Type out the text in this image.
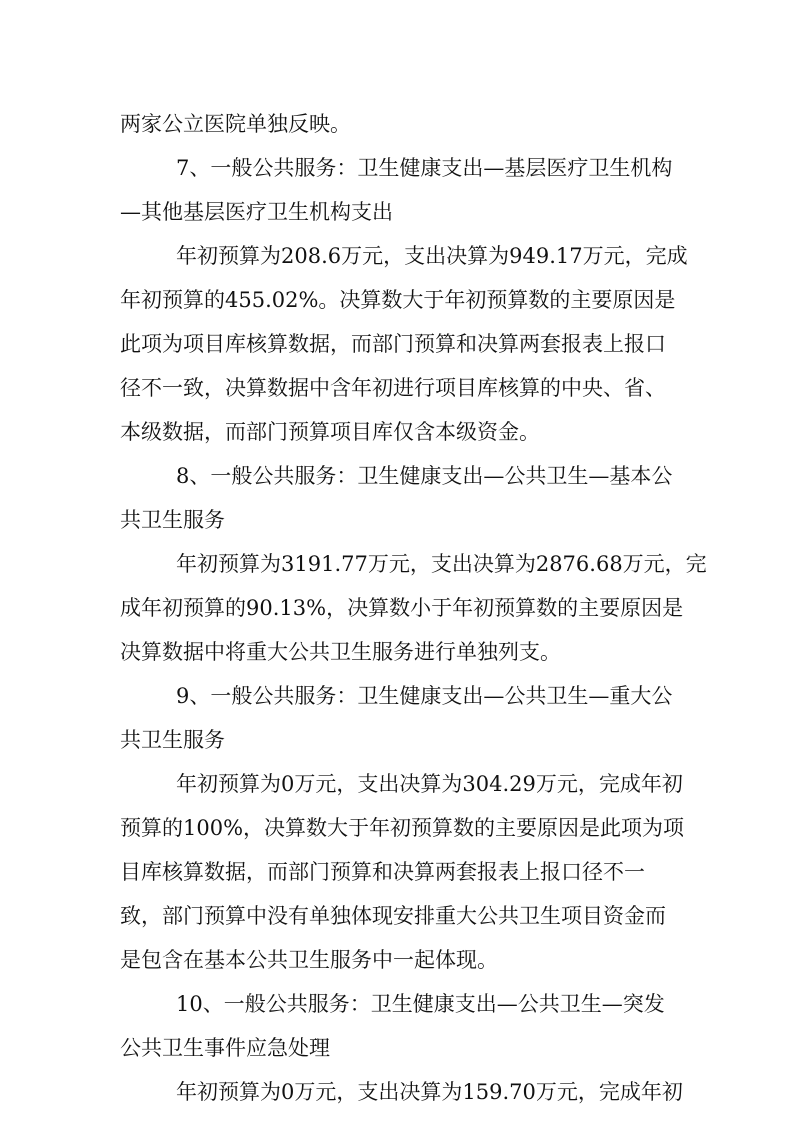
两家公立医院单独反映。
7、一般公共服务：卫生健康支出—基层医疗卫生机构
—其他基层医疗卫生机构支出
年初预算为208.6万元，支出决算为949.17万元，完成
年初预算的455.02%。决算数大于年初预算数的主要原因是
此项为项目库核算数据，而部门预算和决算两套报表上报口
径不一致，决算数据中含年初进行项目库核算的中央、省、
本级数据，而部门预算项目库仅含本级资金。
8、一般公共服务：卫生健康支出—公共卫生—基本公
共卫生服务
年初预算为3191.77万元，支出决算为2876.68万元，完
成年初预算的90.13%，决算数小于年初预算数的主要原因是
决算数据中将重大公共卫生服务进行单独列支。
9、一般公共服务：卫生健康支出—公共卫生—重大公
共卫生服务
年初预算为0万元，支出决算为304.29万元，完成年初
预算的100%，决算数大于年初预算数的主要原因是此项为项
目库核算数据，而部门预算和决算两套报表上报口径不一
致，部门预算中没有单独体现安排重大公共卫生项目资金而
是包含在基本公共卫生服务中一起体现。
10、一般公共服务：卫生健康支出—公共卫生—突发
公共卫生事件应急处理
年初预算为0万元，支出决算为159.70万元，完成年初
